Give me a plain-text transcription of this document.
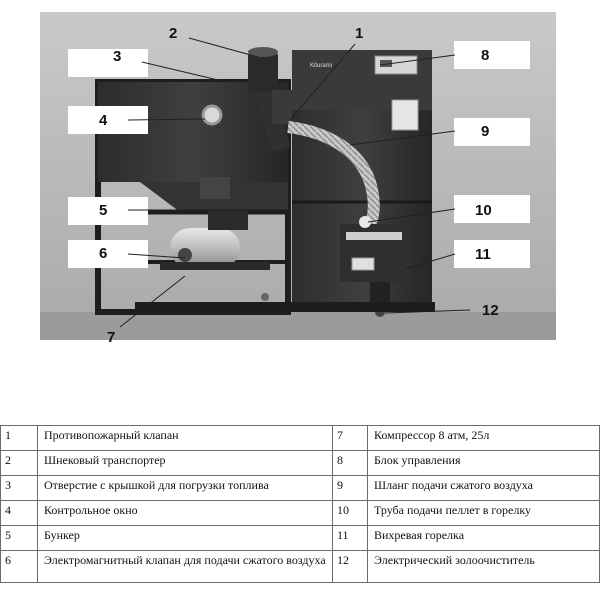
Kiturami
2	1
3
4
5
6
7
8
9
10
11
12
1	Противопожарный клапан	7	Компрессор 8 атм, 25л
2	Шнековый транспортер	8	Блок управления
3	Отверстие с крышкой для погрузки топлива	9	Шланг подачи сжатого воздуха
4	Контрольное окно	10	Труба подачи пеллет в горелку
5	Бункер	11	Вихревая горелка
6	Электромагнитный клапан для подачи сжатого воздуха	12	Электрический золоочиститель
